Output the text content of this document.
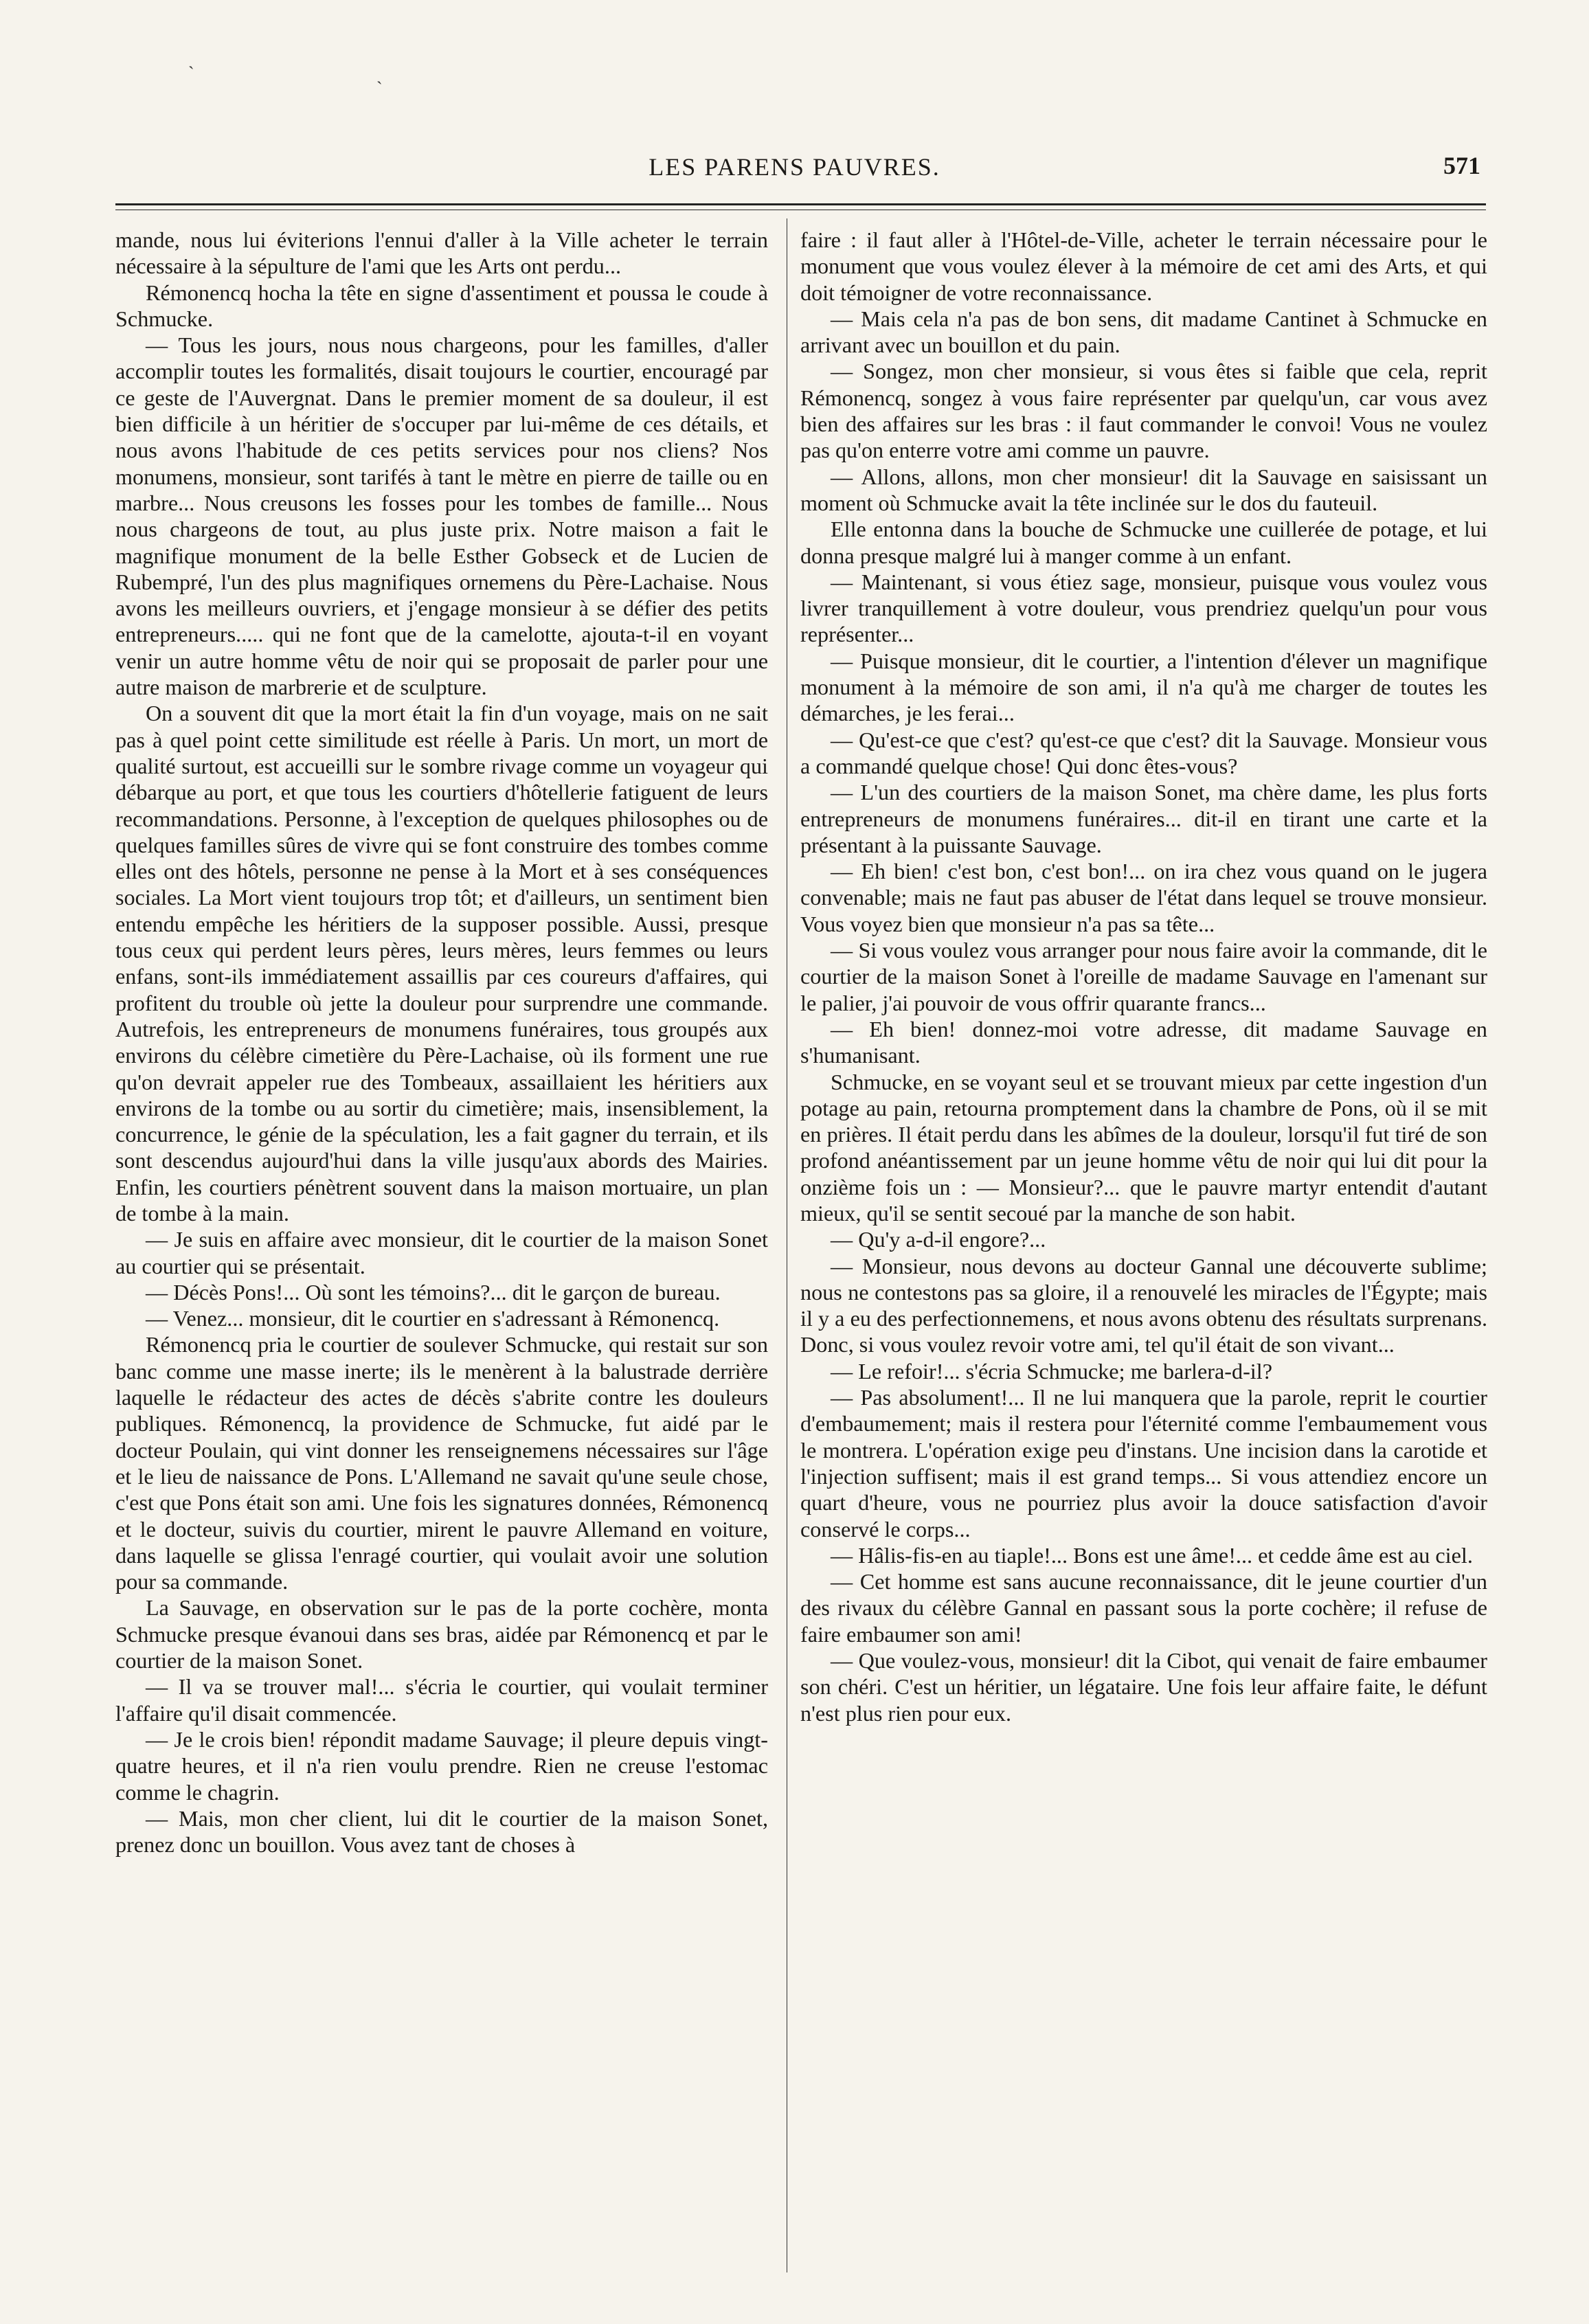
ˋ	ˏ
LES PARENS PAUVRES.	571

mande, nous lui éviterions l'ennui d'aller à la Ville acheter le terrain nécessaire à la sépulture de l'ami que les Arts ont perdu...

Rémonencq hocha la tête en signe d'assentiment et poussa le coude à Schmucke.

— Tous les jours, nous nous chargeons, pour les familles, d'aller accomplir toutes les formalités, disait toujours le courtier, encouragé par ce geste de l'Auvergnat. Dans le premier moment de sa douleur, il est bien difficile à un héritier de s'occuper par lui-même de ces détails, et nous avons l'habitude de ces petits services pour nos cliens? Nos monumens, monsieur, sont tarifés à tant le mètre en pierre de taille ou en marbre... Nous creusons les fosses pour les tombes de famille... Nous nous chargeons de tout, au plus juste prix. Notre maison a fait le magnifique monument de la belle Esther Gobseck et de Lucien de Rubempré, l'un des plus magnifiques ornemens du Père-Lachaise. Nous avons les meilleurs ouvriers, et j'engage monsieur à se défier des petits entrepreneurs..... qui ne font que de la camelotte, ajouta-t-il en voyant venir un autre homme vêtu de noir qui se proposait de parler pour une autre maison de marbrerie et de sculpture.

On a souvent dit que la mort était la fin d'un voyage, mais on ne sait pas à quel point cette similitude est réelle à Paris. Un mort, un mort de qualité surtout, est accueilli sur le sombre rivage comme un voyageur qui débarque au port, et que tous les courtiers d'hôtellerie fatiguent de leurs recommandations. Personne, à l'exception de quelques philosophes ou de quelques familles sûres de vivre qui se font construire des tombes comme elles ont des hôtels, personne ne pense à la Mort et à ses conséquences sociales. La Mort vient toujours trop tôt; et d'ailleurs, un sentiment bien entendu empêche les héritiers de la supposer possible. Aussi, presque tous ceux qui perdent leurs pères, leurs mères, leurs femmes ou leurs enfans, sont-ils immédiatement assaillis par ces coureurs d'affaires, qui profitent du trouble où jette la douleur pour surprendre une commande. Autrefois, les entrepreneurs de monumens funéraires, tous groupés aux environs du célèbre cimetière du Père-Lachaise, où ils forment une rue qu'on devrait appeler rue des Tombeaux, assaillaient les héritiers aux environs de la tombe ou au sortir du cimetière; mais, insensiblement, la concurrence, le génie de la spéculation, les a fait gagner du terrain, et ils sont descendus aujourd'hui dans la ville jusqu'aux abords des Mairies. Enfin, les courtiers pénètrent souvent dans la maison mortuaire, un plan de tombe à la main.

— Je suis en affaire avec monsieur, dit le courtier de la maison Sonet au courtier qui se présentait.

— Décès Pons!... Où sont les témoins?... dit le garçon de bureau.

— Venez... monsieur, dit le courtier en s'adressant à Rémonencq.

Rémonencq pria le courtier de soulever Schmucke, qui restait sur son banc comme une masse inerte; ils le menèrent à la balustrade derrière laquelle le rédacteur des actes de décès s'abrite contre les douleurs publiques. Rémonencq, la providence de Schmucke, fut aidé par le docteur Poulain, qui vint donner les renseignemens nécessaires sur l'âge et le lieu de naissance de Pons. L'Allemand ne savait qu'une seule chose, c'est que Pons était son ami. Une fois les signatures données, Rémonencq et le docteur, suivis du courtier, mirent le pauvre Allemand en voiture, dans laquelle se glissa l'enragé courtier, qui voulait avoir une solution pour sa commande.

La Sauvage, en observation sur le pas de la porte cochère, monta Schmucke presque évanoui dans ses bras, aidée par Rémonencq et par le courtier de la maison Sonet.

— Il va se trouver mal!... s'écria le courtier, qui voulait terminer l'affaire qu'il disait commencée.

— Je le crois bien! répondit madame Sauvage; il pleure depuis vingt-quatre heures, et il n'a rien voulu prendre. Rien ne creuse l'estomac comme le chagrin.

— Mais, mon cher client, lui dit le courtier de la maison Sonet, prenez donc un bouillon. Vous avez tant de choses à

faire : il faut aller à l'Hôtel-de-Ville, acheter le terrain nécessaire pour le monument que vous voulez élever à la mémoire de cet ami des Arts, et qui doit témoigner de votre reconnaissance.

— Mais cela n'a pas de bon sens, dit madame Cantinet à Schmucke en arrivant avec un bouillon et du pain.

— Songez, mon cher monsieur, si vous êtes si faible que cela, reprit Rémonencq, songez à vous faire représenter par quelqu'un, car vous avez bien des affaires sur les bras : il faut commander le convoi! Vous ne voulez pas qu'on enterre votre ami comme un pauvre.

— Allons, allons, mon cher monsieur! dit la Sauvage en saisissant un moment où Schmucke avait la tête inclinée sur le dos du fauteuil.

Elle entonna dans la bouche de Schmucke une cuillerée de potage, et lui donna presque malgré lui à manger comme à un enfant.

— Maintenant, si vous étiez sage, monsieur, puisque vous voulez vous livrer tranquillement à votre douleur, vous prendriez quelqu'un pour vous représenter...

— Puisque monsieur, dit le courtier, a l'intention d'élever un magnifique monument à la mémoire de son ami, il n'a qu'à me charger de toutes les démarches, je les ferai...

— Qu'est-ce que c'est? qu'est-ce que c'est? dit la Sauvage. Monsieur vous a commandé quelque chose! Qui donc êtes-vous?

— L'un des courtiers de la maison Sonet, ma chère dame, les plus forts entrepreneurs de monumens funéraires... dit-il en tirant une carte et la présentant à la puissante Sauvage.

— Eh bien! c'est bon, c'est bon!... on ira chez vous quand on le jugera convenable; mais ne faut pas abuser de l'état dans lequel se trouve monsieur. Vous voyez bien que monsieur n'a pas sa tête...

— Si vous voulez vous arranger pour nous faire avoir la commande, dit le courtier de la maison Sonet à l'oreille de madame Sauvage en l'amenant sur le palier, j'ai pouvoir de vous offrir quarante francs...

— Eh bien! donnez-moi votre adresse, dit madame Sauvage en s'humanisant.

Schmucke, en se voyant seul et se trouvant mieux par cette ingestion d'un potage au pain, retourna promptement dans la chambre de Pons, où il se mit en prières. Il était perdu dans les abîmes de la douleur, lorsqu'il fut tiré de son profond anéantissement par un jeune homme vêtu de noir qui lui dit pour la onzième fois un : — Monsieur?... que le pauvre martyr entendit d'autant mieux, qu'il se sentit secoué par la manche de son habit.

— Qu'y a-d-il engore?...

— Monsieur, nous devons au docteur Gannal une découverte sublime; nous ne contestons pas sa gloire, il a renouvelé les miracles de l'Égypte; mais il y a eu des perfectionnemens, et nous avons obtenu des résultats surprenans. Donc, si vous voulez revoir votre ami, tel qu'il était de son vivant...

— Le refoir!... s'écria Schmucke; me barlera-d-il?

— Pas absolument!... Il ne lui manquera que la parole, reprit le courtier d'embaumement; mais il restera pour l'éternité comme l'embaumement vous le montrera. L'opération exige peu d'instans. Une incision dans la carotide et l'injection suffisent; mais il est grand temps... Si vous attendiez encore un quart d'heure, vous ne pourriez plus avoir la douce satisfaction d'avoir conservé le corps...

— Hâlis-fis-en au tiaple!... Bons est une âme!... et cedde âme est au ciel.

— Cet homme est sans aucune reconnaissance, dit le jeune courtier d'un des rivaux du célèbre Gannal en passant sous la porte cochère; il refuse de faire embaumer son ami!

— Que voulez-vous, monsieur! dit la Cibot, qui venait de faire embaumer son chéri. C'est un héritier, un légataire. Une fois leur affaire faite, le défunt n'est plus rien pour eux.
